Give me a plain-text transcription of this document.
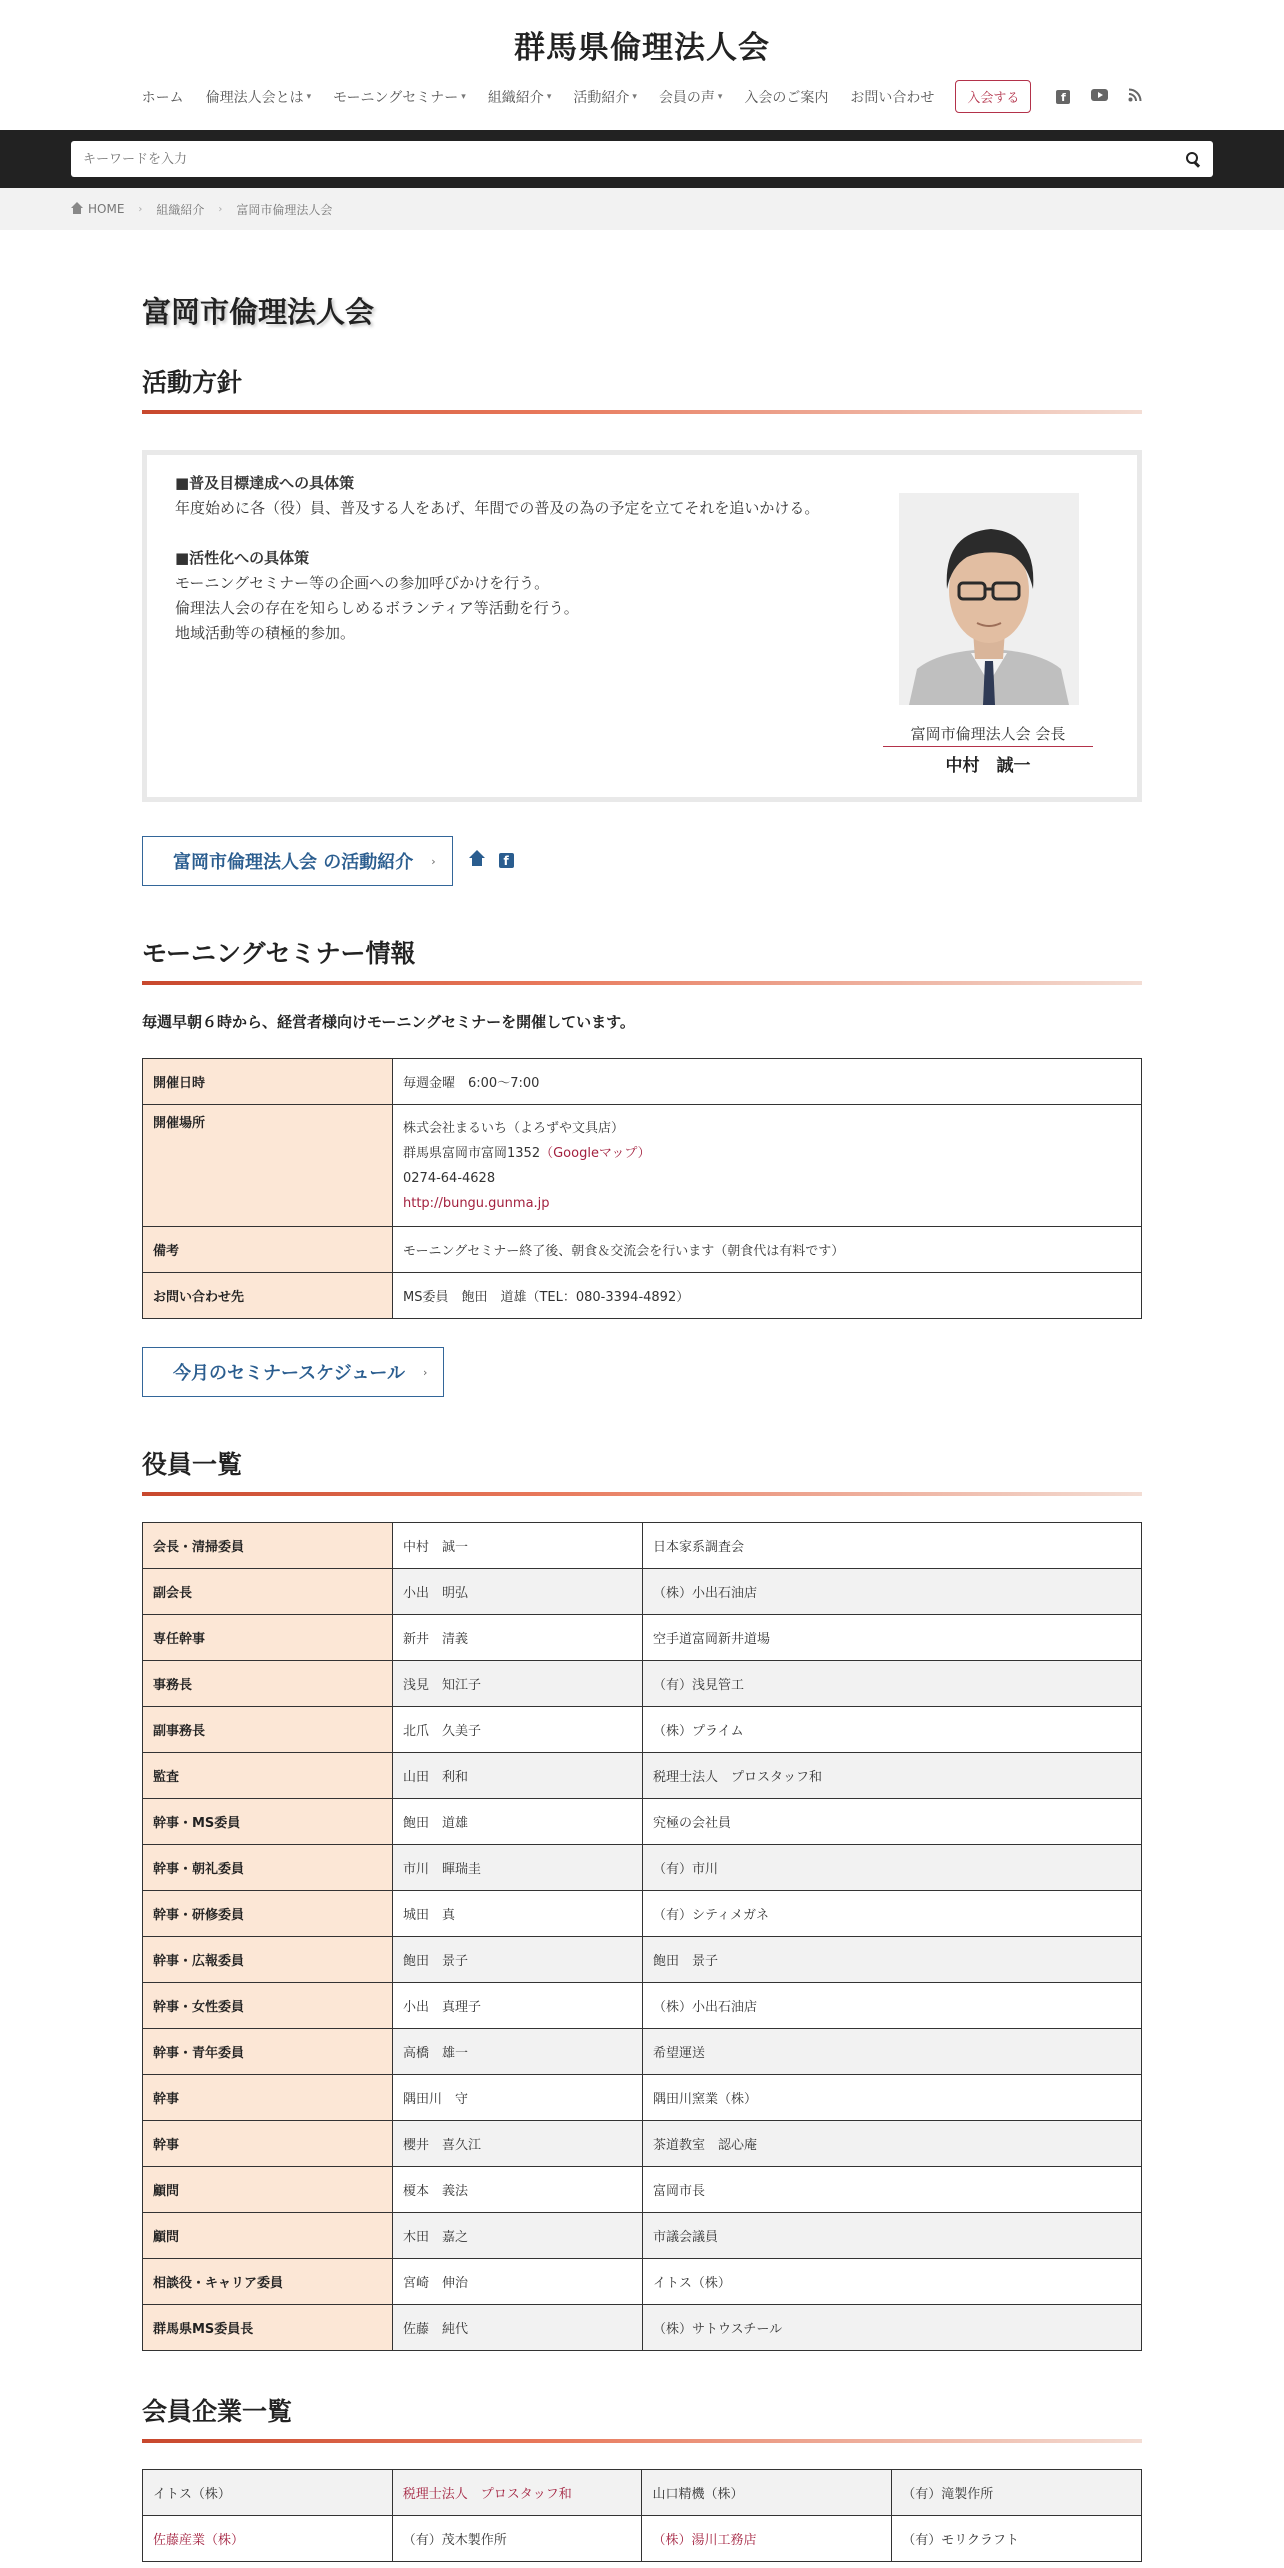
群馬県倫理法人会
ホーム 倫理法人会とは ▾ モーニングセミナー ▾ 組織紹介 ▾ 活動紹介 ▾ 会員の声 ▾ 入会のご案内 お問い合わせ	入会する	f
キーワードを入力
HOME › 組織紹介 › 富岡市倫理法人会
富岡市倫理法人会
活動方針

■普及目標達成への具体策

年度始めに各（役）員、普及する人をあげ、年間での普及の為の予定を立てそれを追いかける。

■活性化への具体策

モーニングセミナー等の企画への参加呼びかけを行う。

倫理法人会の存在を知らしめるボランティア等活動を行う。

地域活動等の積極的参加。

富岡市倫理法人会 会長
中村　誠一
富岡市倫理法人会 の活動紹介 ›	f
モーニングセミナー情報

毎週早朝６時から、経営者様向けモーニングセミナーを開催しています。

開催日時	毎週金曜　6:00～7:00
開催場所	株式会社まるいち（よろずや文具店）
群馬県富岡市富岡1352（Googleマップ）
0274-64-4628
http://bungu.gunma.jp

備考	モーニングセミナー終了後、朝食＆交流会を行います（朝食代は有料です）
お問い合わせ先	MS委員　飽田　道雄（TEL：080-3394-4892）
今月のセミナースケジュール ›
役員一覧
会長・清掃委員	中村　誠一	日本家系調査会
副会長	小出　明弘	（株）小出石油店
専任幹事	新井　清義	空手道富岡新井道場
事務長	浅見　知江子	（有）浅見管工
副事務長	北爪　久美子	（株）プライム
監査	山田　利和	税理士法人　プロスタッフ和
幹事・MS委員	飽田　道雄	究極の会社員
幹事・朝礼委員	市川　暉瑞圭	（有）市川
幹事・研修委員	城田　真	（有）シティメガネ
幹事・広報委員	飽田　景子	飽田　景子
幹事・女性委員	小出　真理子	（株）小出石油店
幹事・青年委員	高橋　雄一	希望運送
幹事	隅田川　守	隅田川窯業（株）
幹事	櫻井　喜久江	茶道教室　認心庵
顧問	榎本　義法	富岡市長
顧問	木田　嘉之	市議会議員
相談役・キャリア委員	宮崎　伸治	イトス（株）
群馬県MS委員長	佐藤　純代	（株）サトウスチール
会員企業一覧
イトス（株）	税理士法人　プロスタッフ和	山口精機（株）	（有）滝製作所
佐藤産業（株）	（有）茂木製作所	（株）湯川工務店	（有）モリクラフト
